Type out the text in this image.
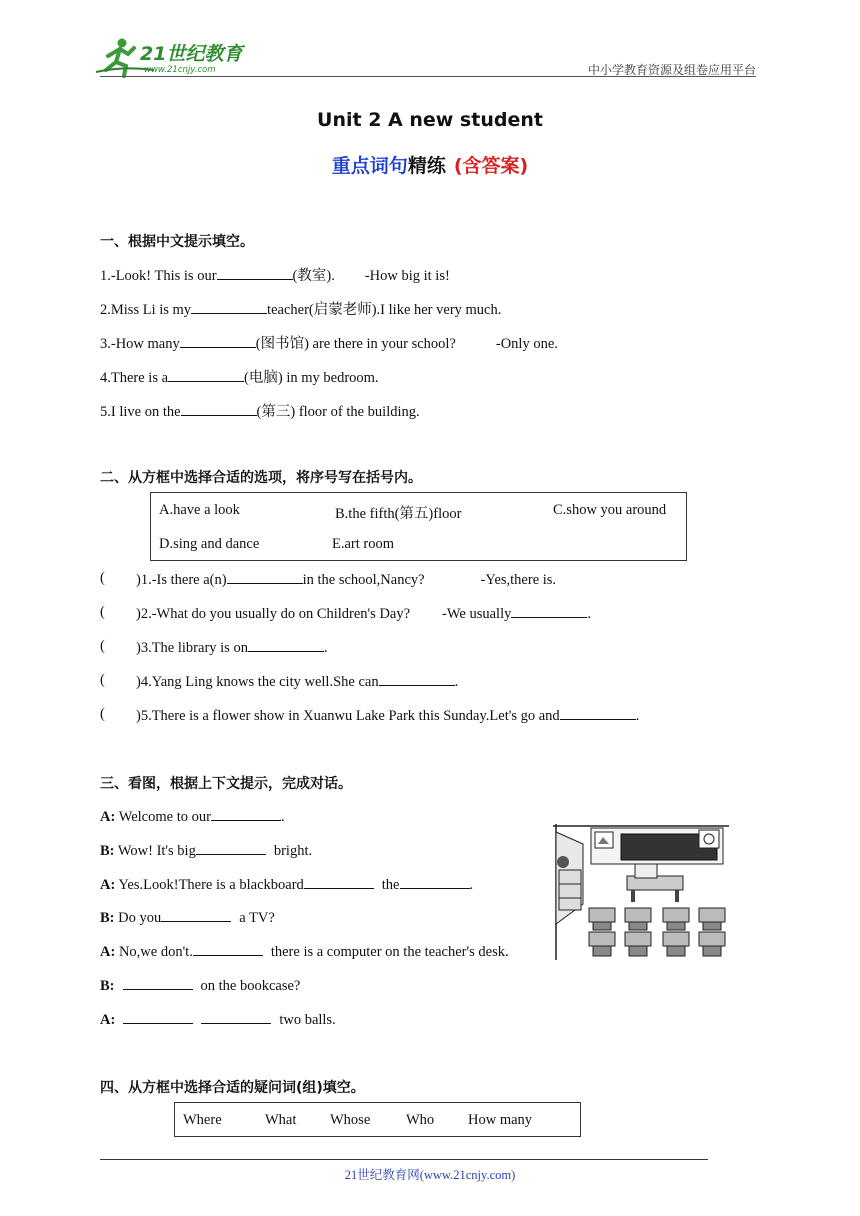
21世纪教育
www.21cnjy.com	中小学教育资源及组卷应用平台
Unit 2 A new student
重点词句精练 (含答案)
一、根据中文提示填空。
1.-Look! This is our	(教室). -How big it is!
2.Miss Li is my	teacher(启蒙老师).I like her very much.
3.-How many	(图书馆) are there in your school?	-Only one.
4.There is a	(电脑) in my bedroom.
5.I live on the	(第三) floor of the building.
二、从方框中选择合适的选项，将序号写在括号内。
A.have a look	B.the fifth(第五)floor	C.show you around
D.sing and dance	E.art room
( )1.-Is there a(n)	in the school,Nancy?	-Yes,there is.
( )2.-What do you usually do on Children's Day? -We usually	.
( )3.The library is on	.
( )4.Yang Ling knows the city well.She can	.
( )5.There is a flower show in Xuanwu Lake Park this Sunday.Let's go and	.
三、看图，根据上下文提示，完成对话。
A: Welcome to our	.
B: Wow! It's big	bright.
A: Yes.Look!There is a blackboard	the	.
B: Do you	a TV?
A: No,we don't.	there is a computer on the teacher's desk.
B:	on the bookcase?
A:	two balls.
四、从方框中选择合适的疑问词(组)填空。
Where	What Whose Who How many
21世纪教育网(www.21cnjy.com)
